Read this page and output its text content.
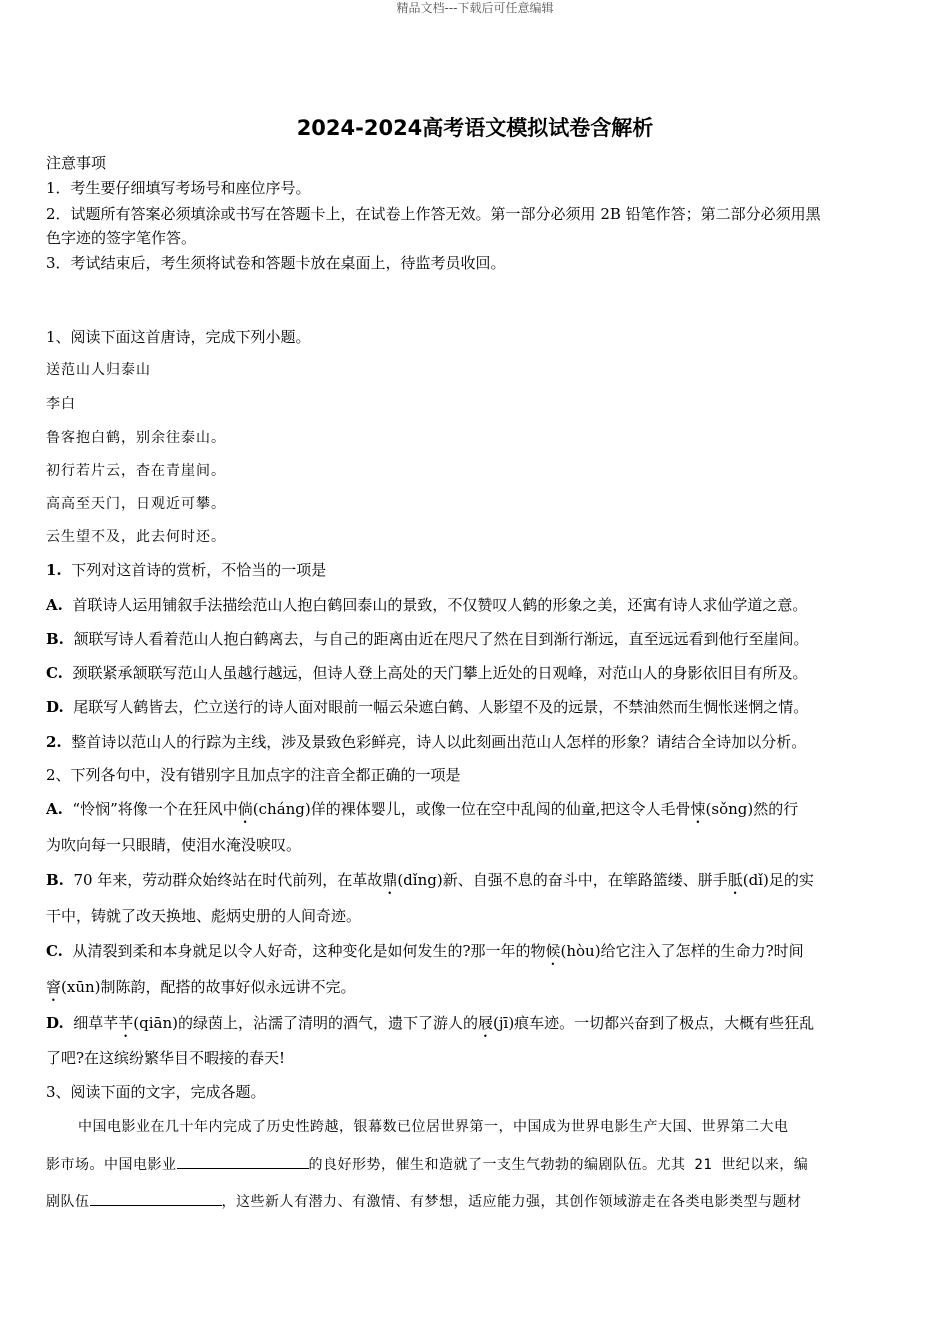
精品文档---下载后可任意编辑
2024-2024高考语文模拟试卷含解析
注意事项
1．考生要仔细填写考场号和座位序号。
2．试题所有答案必须填涂或书写在答题卡上，在试卷上作答无效。第一部分必须用 2B 铅笔作答；第二部分必须用黑
色字迹的签字笔作答。
3．考试结束后，考生须将试卷和答题卡放在桌面上，待监考员收回。
1、阅读下面这首唐诗，完成下列小题。
送范山人归泰山
李白
鲁客抱白鹤，别余往泰山。
初行若片云，杳在青崖间。
高高至天门，日观近可攀。
云生望不及，此去何时还。
1. 下列对这首诗的赏析，不恰当的一项是
A. 首联诗人运用铺叙手法描绘范山人抱白鹤回泰山的景致，不仅赞叹人鹤的形象之美，还寓有诗人求仙学道之意。
B. 颔联写诗人看着范山人抱白鹤离去，与自己的距离由近在咫尺了然在目到渐行渐远，直至远远看到他行至崖间。
C. 颈联紧承颔联写范山人虽越行越远，但诗人登上高处的天门攀上近处的日观峰，对范山人的身影依旧目有所及。
D. 尾联写人鹤皆去，伫立送行的诗人面对眼前一幅云朵遮白鹤、人影望不及的远景，不禁油然而生惆怅迷惘之情。
2. 整首诗以范山人的行踪为主线，涉及景致色彩鲜亮，诗人以此刻画出范山人怎样的形象？请结合全诗加以分析。
2、下列各句中，没有错别字且加点字的注音全都正确的一项是
A. “怜悯”将像一个在狂风中倘(cháng)佯的裸体婴儿，或像一位在空中乱闯的仙童,把这令人毛骨悚(sǒng)然的行
为吹向每一只眼睛，使泪水淹没唳叹。
B. 70 年来，劳动群众始终站在时代前列，在革故鼎(dǐng)新、自强不息的奋斗中，在筚路篮缕、胼手胝(dǐ)足的实
干中，铸就了改天换地、彪炳史册的人间奇迹。
C. 从清裂到柔和本身就足以令人好奇，这种变化是如何发生的?那一年的物候(hòu)给它注入了怎样的生命力?时间
窨(xūn)制陈韵，配搭的故事好似永远讲不完。
D. 细草芊芊(qiān)的绿茵上，沾濡了清明的酒气，遗下了游人的屐(jī)痕车迹。一切都兴奋到了极点，大概有些狂乱
了吧?在这缤纷繁华目不暇接的春天!
3、阅读下面的文字，完成各题。
中国电影业在几十年内完成了历史性跨越，银幕数已位居世界第一，中国成为世界电影生产大国、世界第二大电
影市场。中国电影业	的良好形势，催生和造就了一支生气勃勃的编剧队伍。尤其 21 世纪以来，编
剧队伍	，这些新人有潜力、有激情、有梦想，适应能力强，其创作领域游走在各类电影类型与题材
